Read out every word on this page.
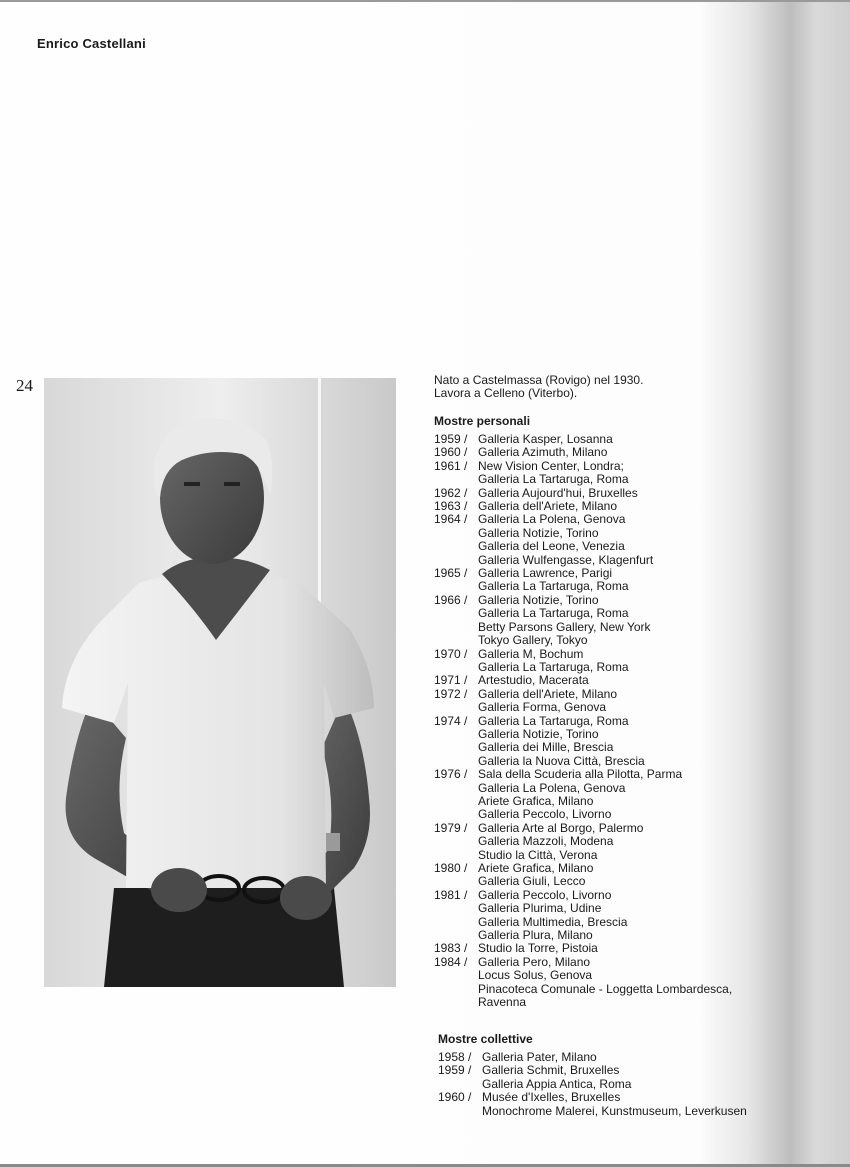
Enrico Castellani
24	Nato a Castelmassa (Rovigo) nel 1930.

Lavora a Celleno (Viterbo).

Mostre personali
1959 / Galleria Kasper, Losanna
1960 / Galleria Azimuth, Milano
1961 / New Vision Center, Londra;
Galleria La Tartaruga, Roma
1962 / Galleria Aujourd'hui, Bruxelles
1963 / Galleria dell'Ariete, Milano
1964 / Galleria La Polena, Genova
Galleria Notizie, Torino
Galleria del Leone, Venezia
Galleria Wulfengasse, Klagenfurt
1965 / Galleria Lawrence, Parigi
Galleria La Tartaruga, Roma
1966 / Galleria Notizie, Torino
Galleria La Tartaruga, Roma
Betty Parsons Gallery, New York
Tokyo Gallery, Tokyo
1970 / Galleria M, Bochum
Galleria La Tartaruga, Roma
1971 / Artestudio, Macerata
1972 / Galleria dell'Ariete, Milano
Galleria Forma, Genova
1974 / Galleria La Tartaruga, Roma
Galleria Notizie, Torino
Galleria dei Mille, Brescia
Galleria la Nuova Città, Brescia
1976 / Sala della Scuderia alla Pilotta, Parma
Galleria La Polena, Genova
Ariete Grafica, Milano
Galleria Peccolo, Livorno
1979 / Galleria Arte al Borgo, Palermo
Galleria Mazzoli, Modena
Studio la Città, Verona
1980 / Ariete Grafica, Milano
Galleria Giuli, Lecco
1981 / Galleria Peccolo, Livorno
Galleria Plurima, Udine
Galleria Multimedia, Brescia
Galleria Plura, Milano
1983 / Studio la Torre, Pistoia
1984 / Galleria Pero, Milano
Locus Solus, Genova
Pinacoteca Comunale - Loggetta Lombardesca,
Ravenna
Mostre collettive
1958 / Galleria Pater, Milano
1959 / Galleria Schmit, Bruxelles
Galleria Appia Antica, Roma
1960 / Musée d'Ixelles, Bruxelles
Monochrome Malerei, Kunstmuseum, Leverkusen
